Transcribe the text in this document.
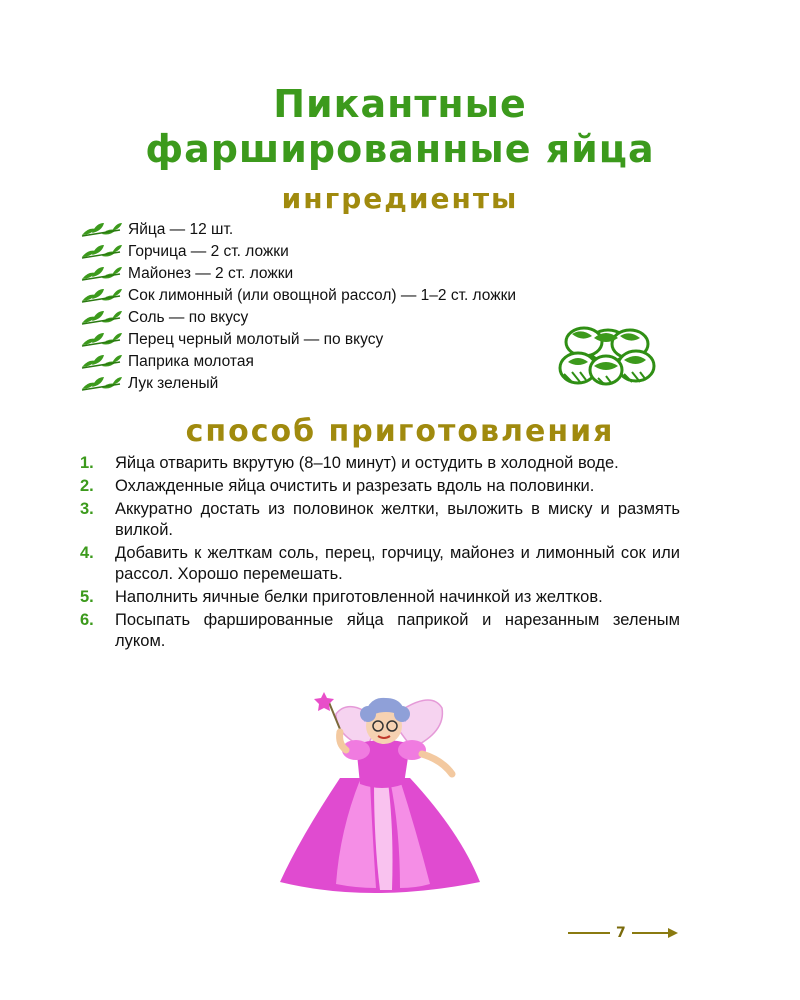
Пикантные
фаршированные яйца
ингредиенты
Яйца — 12 шт.
Горчица — 2 ст. ложки
Майонез — 2 ст. ложки
Сок лимонный (или овощной рассол) — 1–2 ст. ложки
Соль — по вкусу
Перец черный молотый — по вкусу
Паприка молотая
Лук зеленый
способ приготовления
1. Яйца отварить вкрутую (8–10 минут) и остудить в холодной воде.
2. Охлажденные яйца очистить и разрезать вдоль на половинки.
3. Аккуратно достать из половинок желтки, выложить в миску и размять вилкой.
4. Добавить к желткам соль, перец, горчицу, майонез и лимонный сок или рассол. Хорошо перемешать.
5. Наполнить яичные белки приготовленной начинкой из желтков.
6. Посыпать фаршированные яйца паприкой и нарезанным зеленым луком.
7
